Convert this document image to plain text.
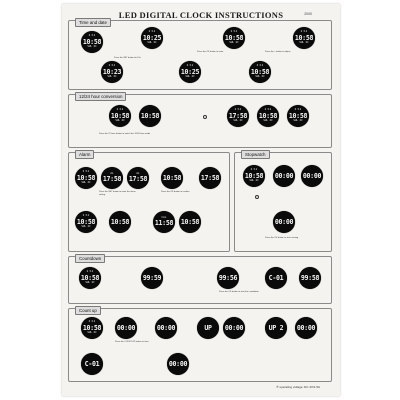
LED DIGITAL CLOCK INSTRUCTIONS	2000
Time and date
2:11
10:58
SUL 2C
2:11
10:25
SUL 2C
2:11
10:58
SUL 2C
2:11
10:58
SUL 2C
Press the SET button for 10s
Press the OK button to enter	Press the + button to adjust
2:11
10:23
SUL 2C
2:11
10:25
SUL 2C
2:11
10:58
SUL 2C
12/24 hour conversion
2:11
10:58
SUL 2C
10:58
Press the 12 hour button to switch the 12/24 hour mode
2:11
17:58
SUL 2C
2:11
10:58
SUL 2C
2:11
10:58
SUL 2C
Alarm
2:11
10:58
SUL 2C
AL
17:58
AL
17:58 10:58	17:58
Press the SET button to enter the alarm setting
Press the OK button to confirm
2:11
10:58
SUL 2C
10:58
CAL
11:58 10:58
Stopwatch
2:11
10:58
SUL 2C
00:00 00:00
00:00
Press the OK button to start running
Countdown
2:11
10:58
SUL 2C
99:59	99:56	C-01	99:58
Press the OK button to start the countdown
Count up
2:11
10:58
SUL 2C
00:00	00:00	UP 00:00	UP 2 00:00
Press the COUNT UP button to start
C-01	00:00
※ operating voltage: DC 4V/1.5A
